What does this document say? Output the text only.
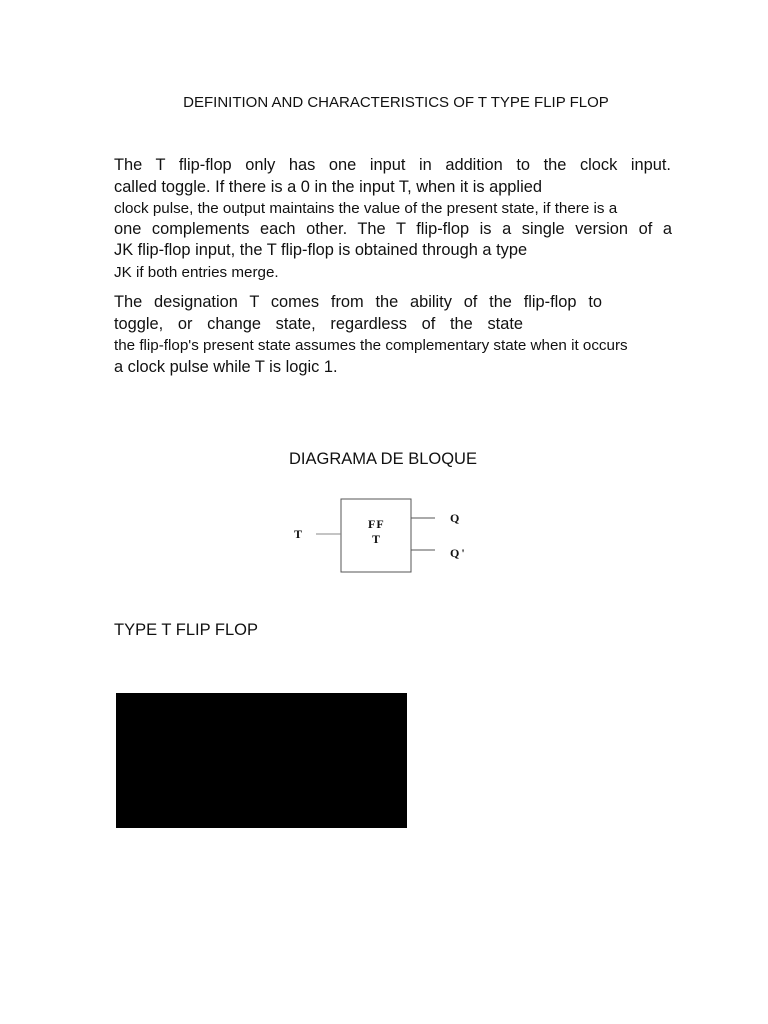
DEFINITION AND CHARACTERISTICS OF T TYPE FLIP FLOP
The T flip-flop only has one input in addition to the clock input.
called toggle. If there is a 0 in the input T, when it is applied
clock pulse, the output maintains the value of the present state, if there is a
one complements each other. The T flip-flop is a single version of a
JK flip-flop input, the T flip-flop is obtained through a type
JK if both entries merge.
The designation T comes from the ability of the flip-flop to
toggle, or change state, regardless of the state
the flip-flop's present state assumes the complementary state when it occurs
a clock pulse while T is logic 1.
DIAGRAMA DE BLOQUE
T
FF
T
Q
Q'
TYPE T FLIP FLOP
